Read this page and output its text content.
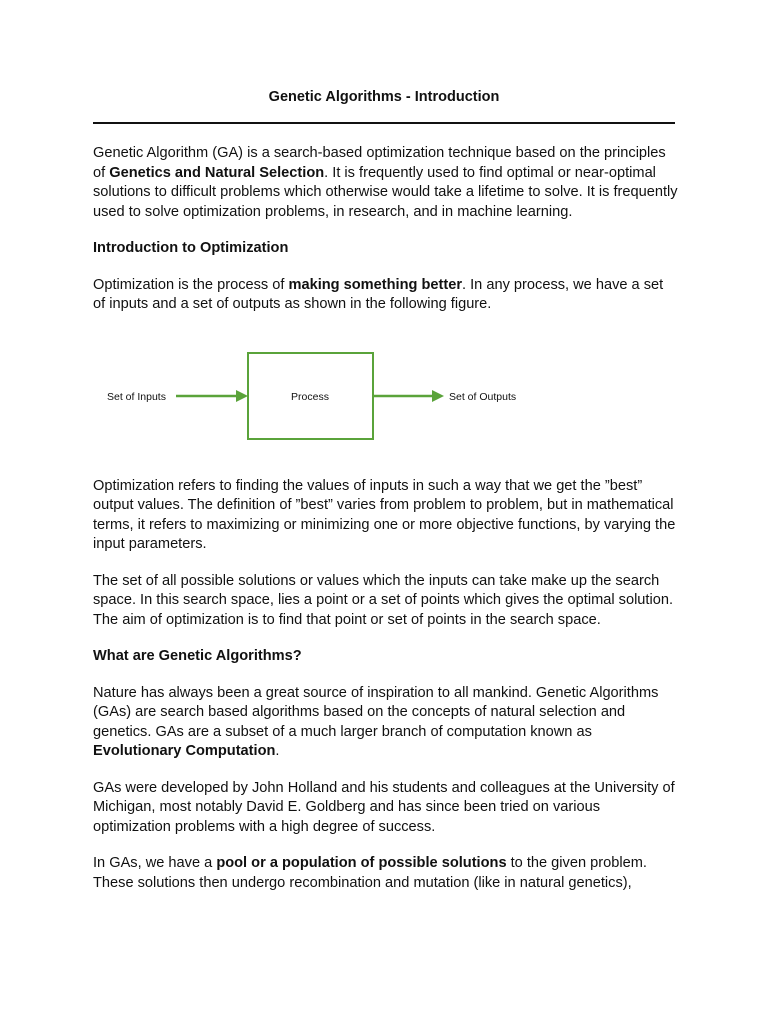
Genetic Algorithms - Introduction

Genetic Algorithm (GA) is a search-based optimization technique based on the principles of Genetics and Natural Selection. It is frequently used to find optimal or near-optimal solutions to difficult problems which otherwise would take a lifetime to solve. It is frequently used to solve optimization problems, in research, and in machine learning.

Introduction to Optimization

Optimization is the process of making something better. In any process, we have a set of inputs and a set of outputs as shown in the following figure.

Set of Inputs	Process	Set of Outputs

Optimization refers to finding the values of inputs in such a way that we get the ”best” output values. The definition of ”best” varies from problem to problem, but in mathematical terms, it refers to maximizing or minimizing one or more objective functions, by varying the input parameters.

The set of all possible solutions or values which the inputs can take make up the search space. In this search space, lies a point or a set of points which gives the optimal solution. The aim of optimization is to find that point or set of points in the search space.

What are Genetic Algorithms?

Nature has always been a great source of inspiration to all mankind. Genetic Algorithms (GAs) are search based algorithms based on the concepts of natural selection and genetics. GAs are a subset of a much larger branch of computation known as Evolutionary Computation.

GAs were developed by John Holland and his students and colleagues at the University of Michigan, most notably David E. Goldberg and has since been tried on various optimization problems with a high degree of success.

In GAs, we have a pool or a population of possible solutions to the given problem. These solutions then undergo recombination and mutation (like in natural genetics),
